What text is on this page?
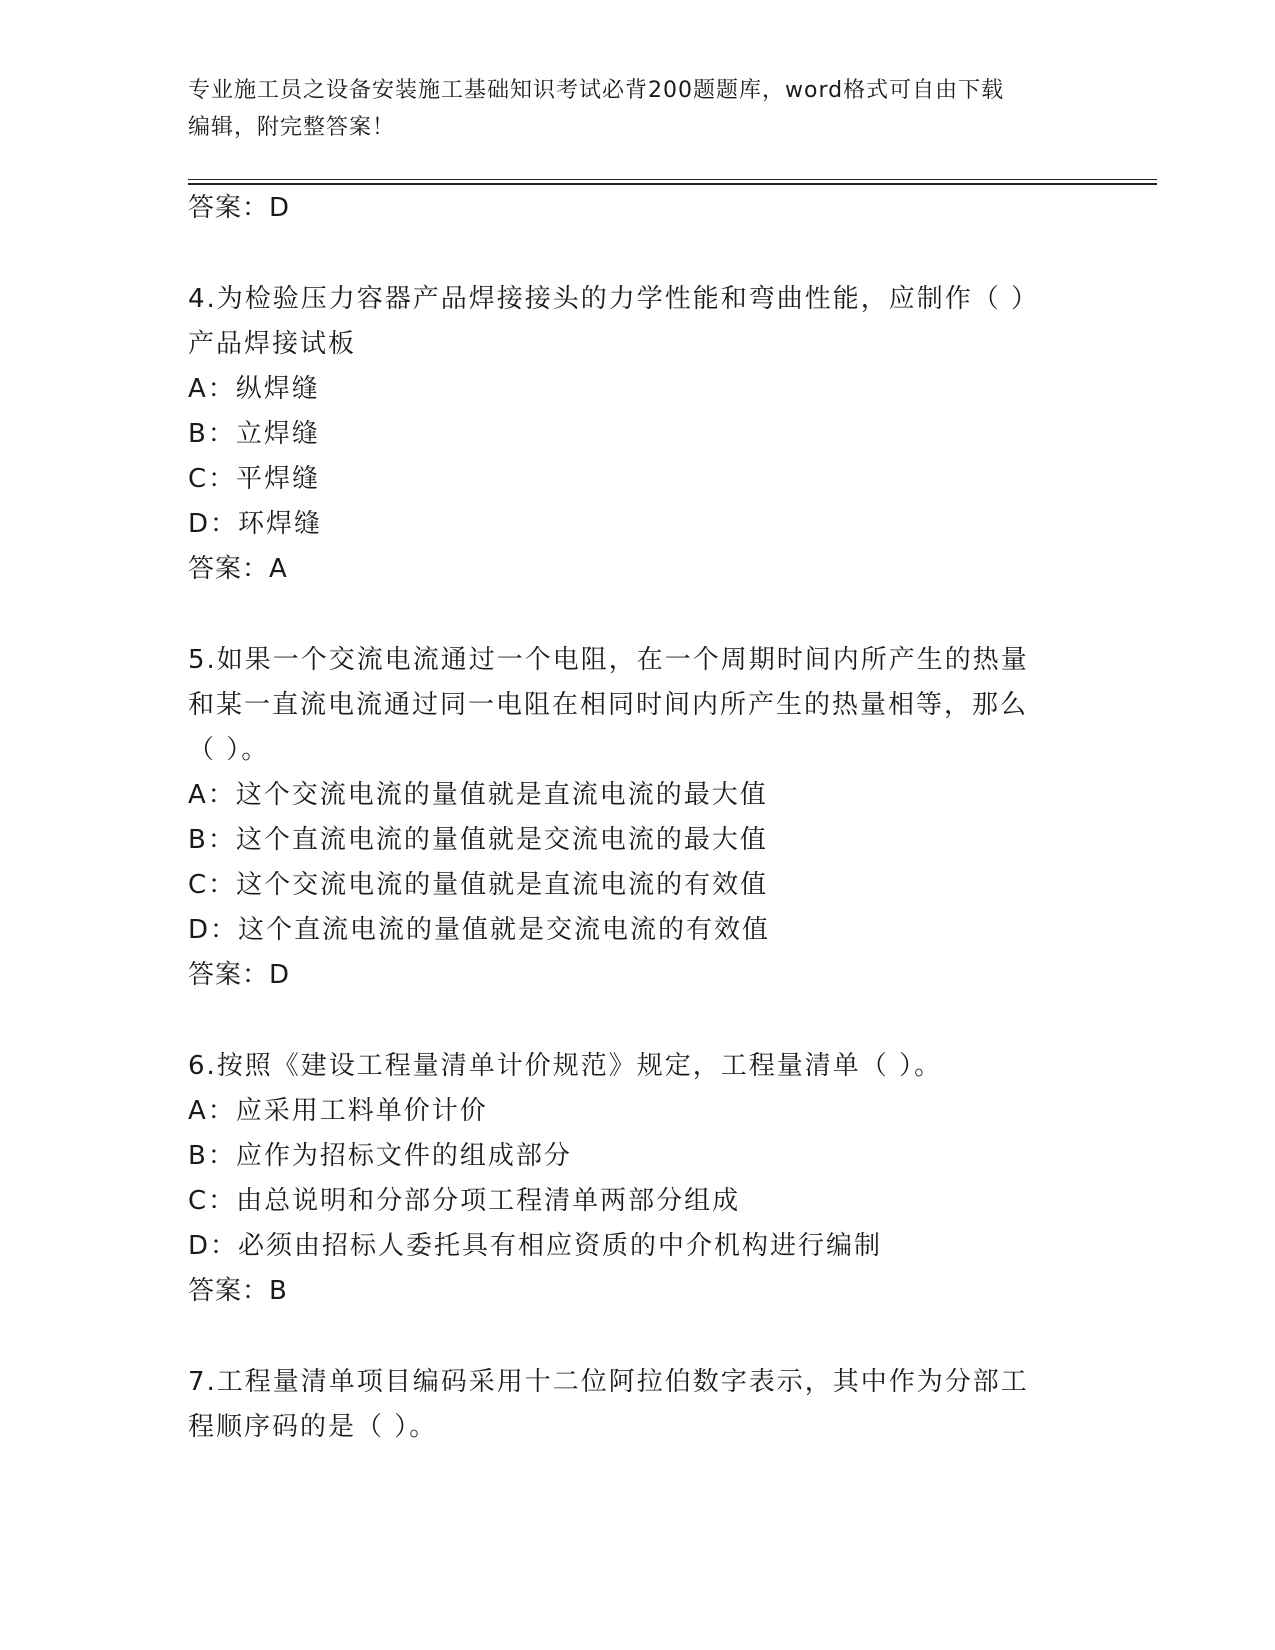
专业施工员之设备安装施工基础知识考试必背200题题库，word格式可自由下载
编辑，附完整答案！
答案：D
4.为检验压力容器产品焊接接头的力学性能和弯曲性能，应制作（ ）
产品焊接试板
A：纵焊缝
B：立焊缝
C：平焊缝
D：环焊缝
答案：A
5.如果一个交流电流通过一个电阻，在一个周期时间内所产生的热量
和某一直流电流通过同一电阻在相同时间内所产生的热量相等，那么
（ ）。
A：这个交流电流的量值就是直流电流的最大值
B：这个直流电流的量值就是交流电流的最大值
C：这个交流电流的量值就是直流电流的有效值
D：这个直流电流的量值就是交流电流的有效值
答案：D
6.按照《建设工程量清单计价规范》规定，工程量清单（ ）。
A：应采用工料单价计价
B：应作为招标文件的组成部分
C：由总说明和分部分项工程清单两部分组成
D：必须由招标人委托具有相应资质的中介机构进行编制
答案：B
7.工程量清单项目编码采用十二位阿拉伯数字表示，其中作为分部工
程顺序码的是（ ）。
